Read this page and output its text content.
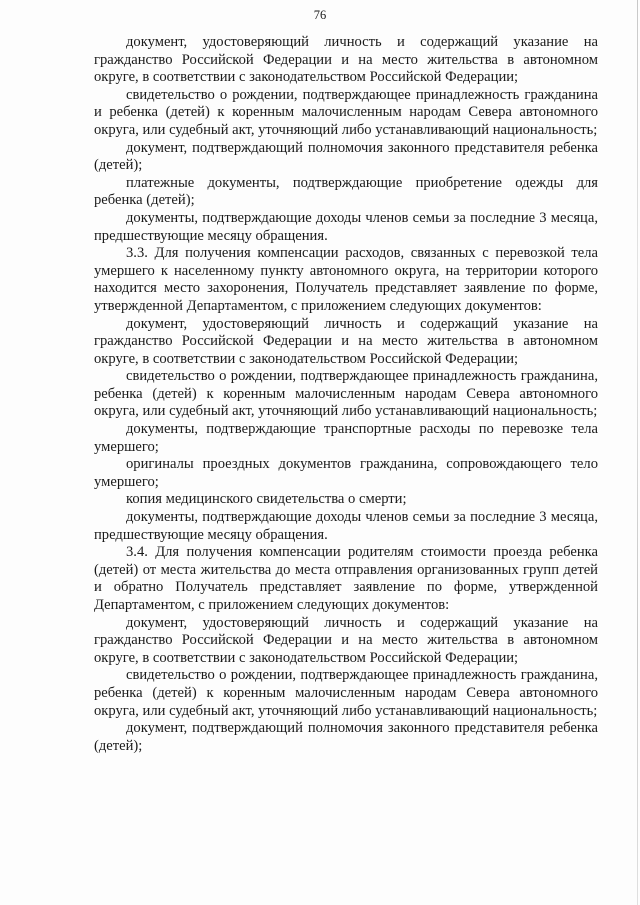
76

документ, удостоверяющий личность и содержащий указание на гражданство Российской Федерации и на место жительства в автономном округе, в соответствии с законодательством Российской Федерации;

свидетельство о рождении, подтверждающее принадлежность гражданина и ребенка (детей) к коренным малочисленным народам Севера автономного округа, или судебный акт, уточняющий либо устанавливающий национальность;

документ, подтверждающий полномочия законного представителя ребенка (детей);

платежные документы, подтверждающие приобретение одежды для ребенка (детей);

документы, подтверждающие доходы членов семьи за последние 3 месяца, предшествующие месяцу обращения.

3.3. Для получения компенсации расходов, связанных с перевозкой тела умершего к населенному пункту автономного округа, на территории которого находится место захоронения, Получатель представляет заявление по форме, утвержденной Департаментом, с приложением следующих документов:

документ, удостоверяющий личность и содержащий указание на гражданство Российской Федерации и на место жительства в автономном округе, в соответствии с законодательством Российской Федерации;

свидетельство о рождении, подтверждающее принадлежность гражданина, ребенка (детей) к коренным малочисленным народам Севера автономного округа, или судебный акт, уточняющий либо устанавливающий национальность;

документы, подтверждающие транспортные расходы по перевозке тела умершего;

оригиналы проездных документов гражданина, сопровождающего тело умершего;

копия медицинского свидетельства о смерти;

документы, подтверждающие доходы членов семьи за последние 3 месяца, предшествующие месяцу обращения.

3.4. Для получения компенсации родителям стоимости проезда ребенка (детей) от места жительства до места отправления организованных групп детей и обратно Получатель представляет заявление по форме, утвержденной Департаментом, с приложением следующих документов:

документ, удостоверяющий личность и содержащий указание на гражданство Российской Федерации и на место жительства в автономном округе, в соответствии с законодательством Российской Федерации;

свидетельство о рождении, подтверждающее принадлежность гражданина, ребенка (детей) к коренным малочисленным народам Севера автономного округа, или судебный акт, уточняющий либо устанавливающий национальность;

документ, подтверждающий полномочия законного представителя ребенка (детей);
